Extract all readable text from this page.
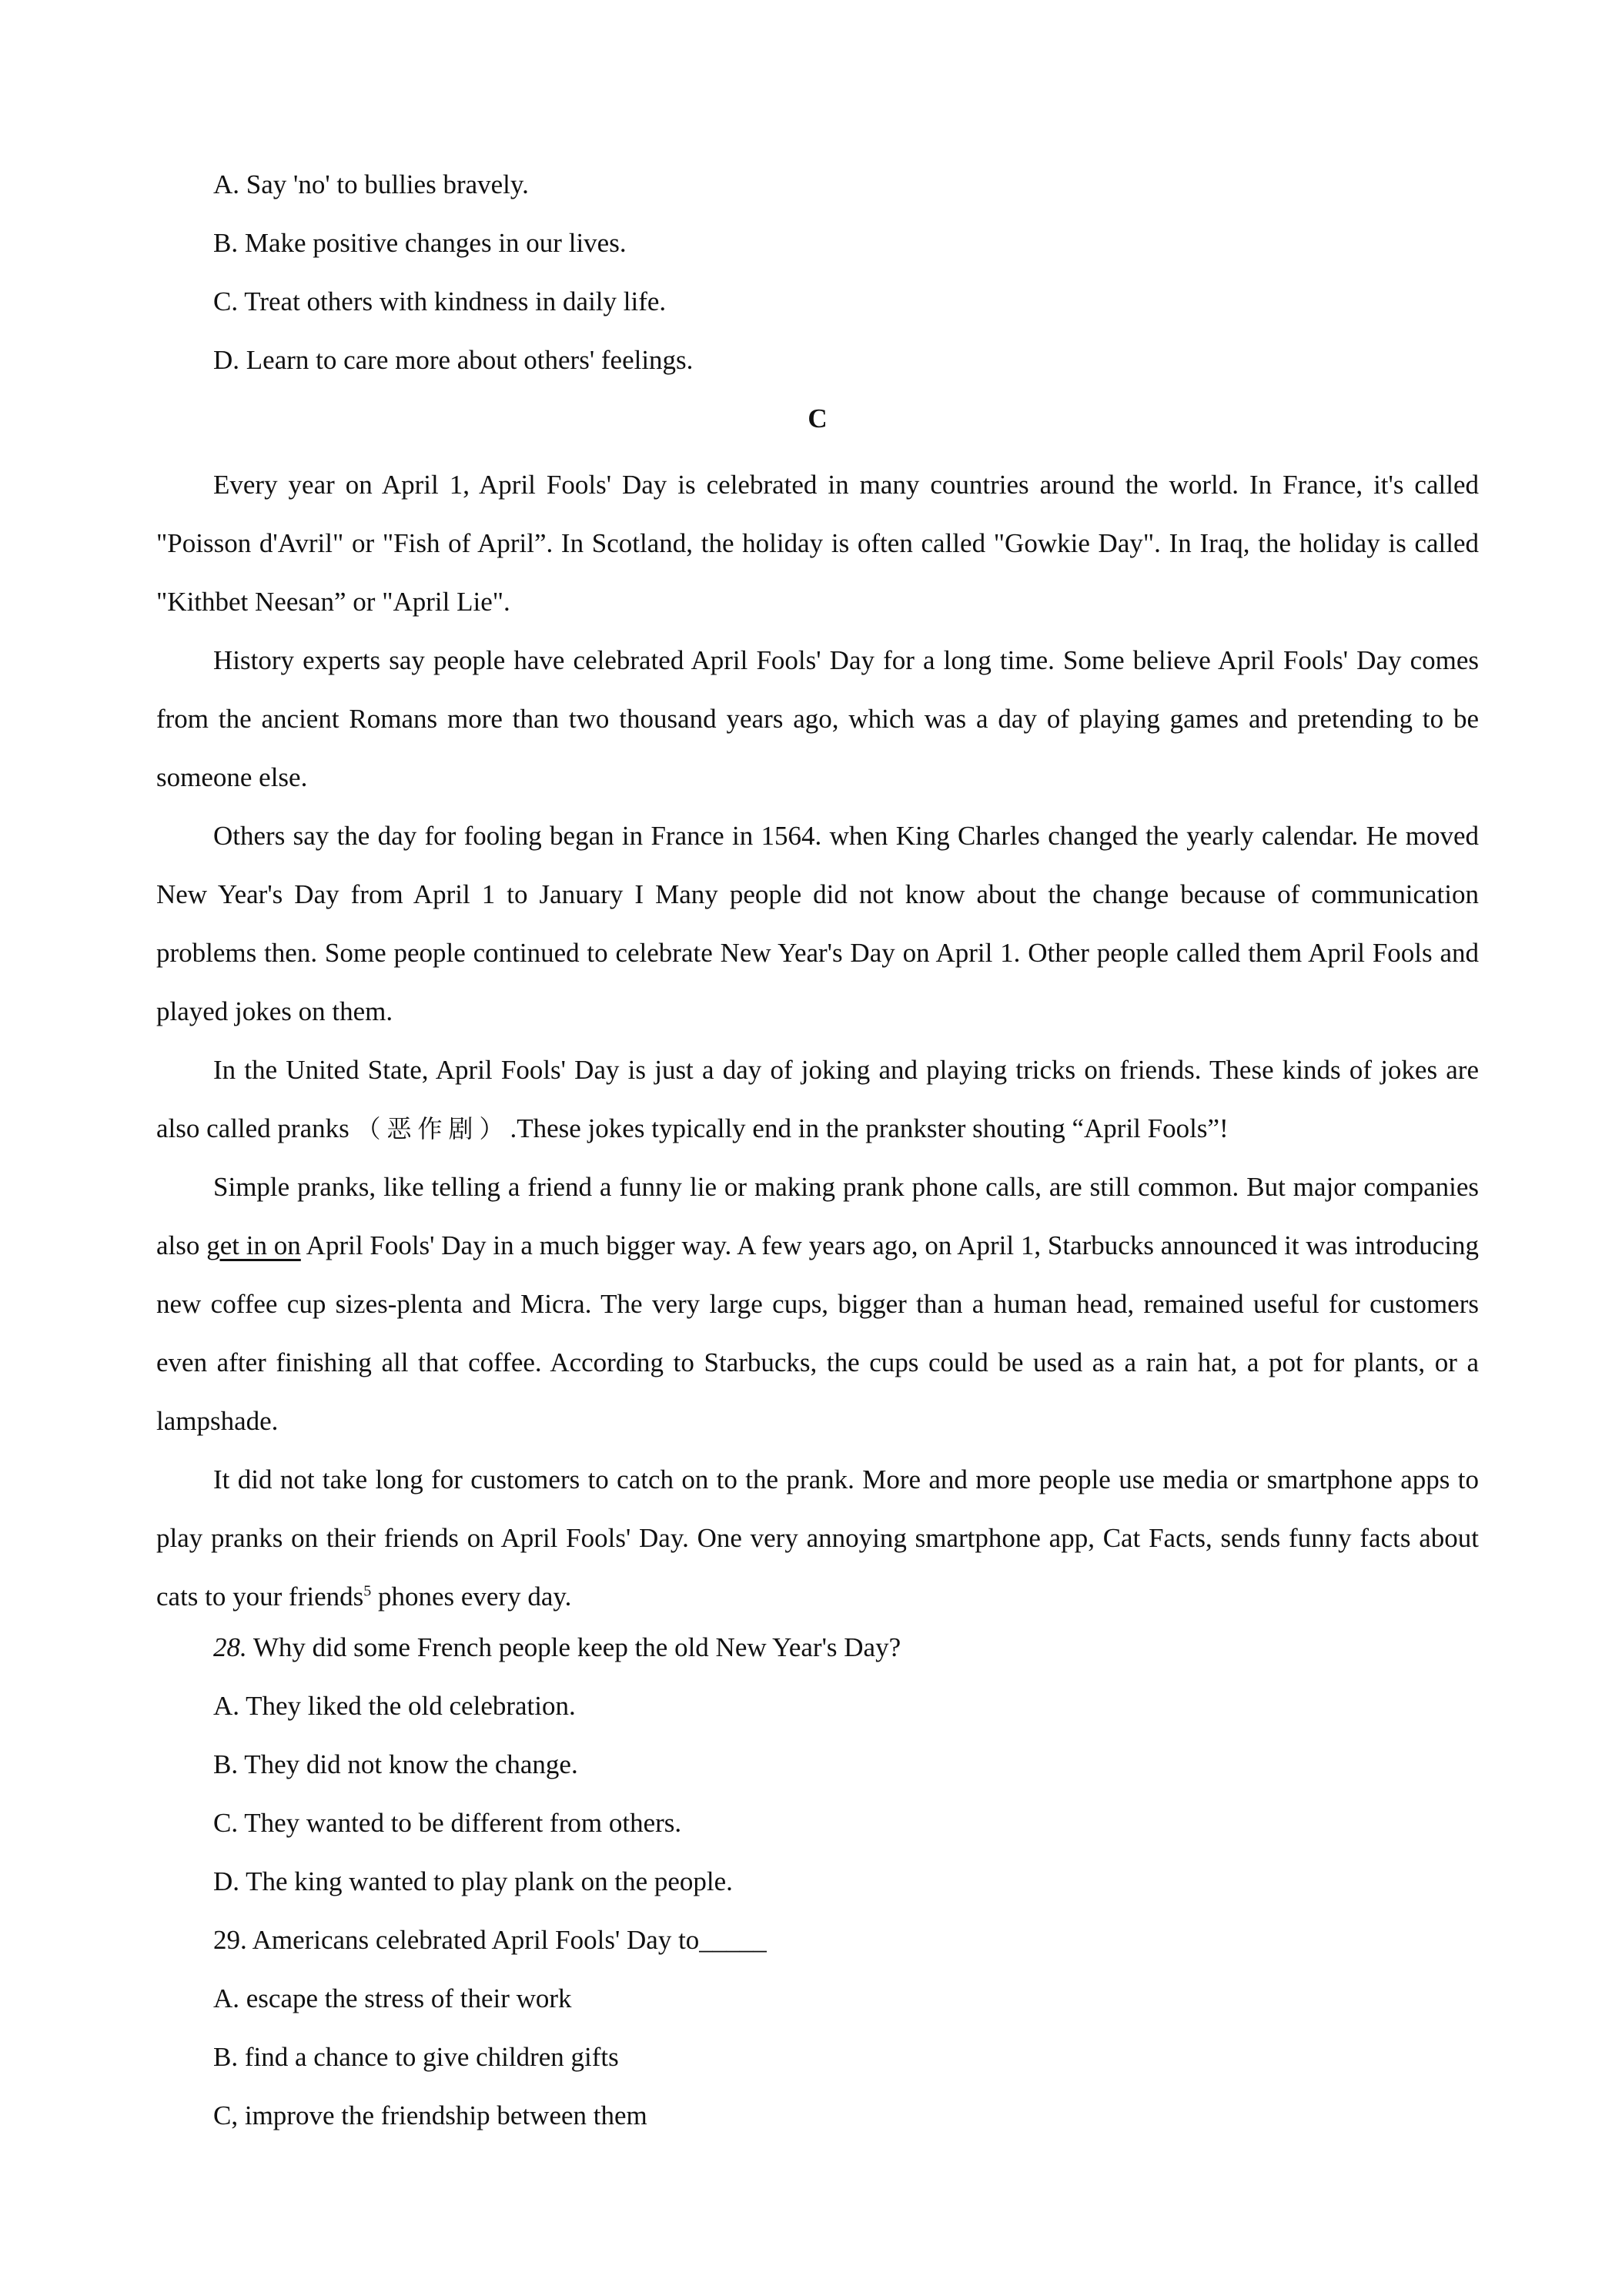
A. Say 'no' to bullies bravely.
B. Make positive changes in our lives.
C. Treat others with kindness in daily life.
D. Learn to care more about others' feelings.
C

Every year on April 1, April Fools' Day is celebrated in many countries around the world. In France, it's called "Poisson d'Avril" or "Fish of April”. In Scotland, the holiday is often called "Gowkie Day". In Iraq, the holiday is called "Kithbet Neesan” or "April Lie".

History experts say people have celebrated April Fools' Day for a long time. Some believe April Fools' Day comes from the ancient Romans more than two thousand years ago, which was a day of playing games and pretending to be someone else.

Others say the day for fooling began in France in 1564. when King Charles changed the yearly calendar. He moved New Year's Day from April 1 to January I Many people did not know about the change because of communication problems then. Some people continued to celebrate New Year's Day on April 1. Other people called them April Fools and played jokes on them.

In the United State, April Fools' Day is just a day of joking and playing tricks on friends. These kinds of jokes are also called pranks （恶作剧）.These jokes typically end in the prankster shouting “April Fools”!

Simple pranks, like telling a friend a funny lie or making prank phone calls, are still common. But major companies also get in on April Fools' Day in a much bigger way. A few years ago, on April 1, Starbucks announced it was introducing new coffee cup sizes-plenta and Micra. The very large cups, bigger than a human head, remained useful for customers even after finishing all that coffee. According to Starbucks, the cups could be used as a rain hat, a pot for plants, or a lampshade.

It did not take long for customers to catch on to the prank. More and more people use media or smartphone apps to play pranks on their friends on April Fools' Day. One very annoying smartphone app, Cat Facts, sends funny facts about cats to your friends$^5$ phones every day.

28. Why did some French people keep the old New Year's Day?
A. They liked the old celebration.
B. They did not know the change.
C. They wanted to be different from others.
D. The king wanted to play plank on the people.
29. Americans celebrated April Fools' Day to_____
A. escape the stress of their work
B. find a chance to give children gifts
C, improve the friendship between them
